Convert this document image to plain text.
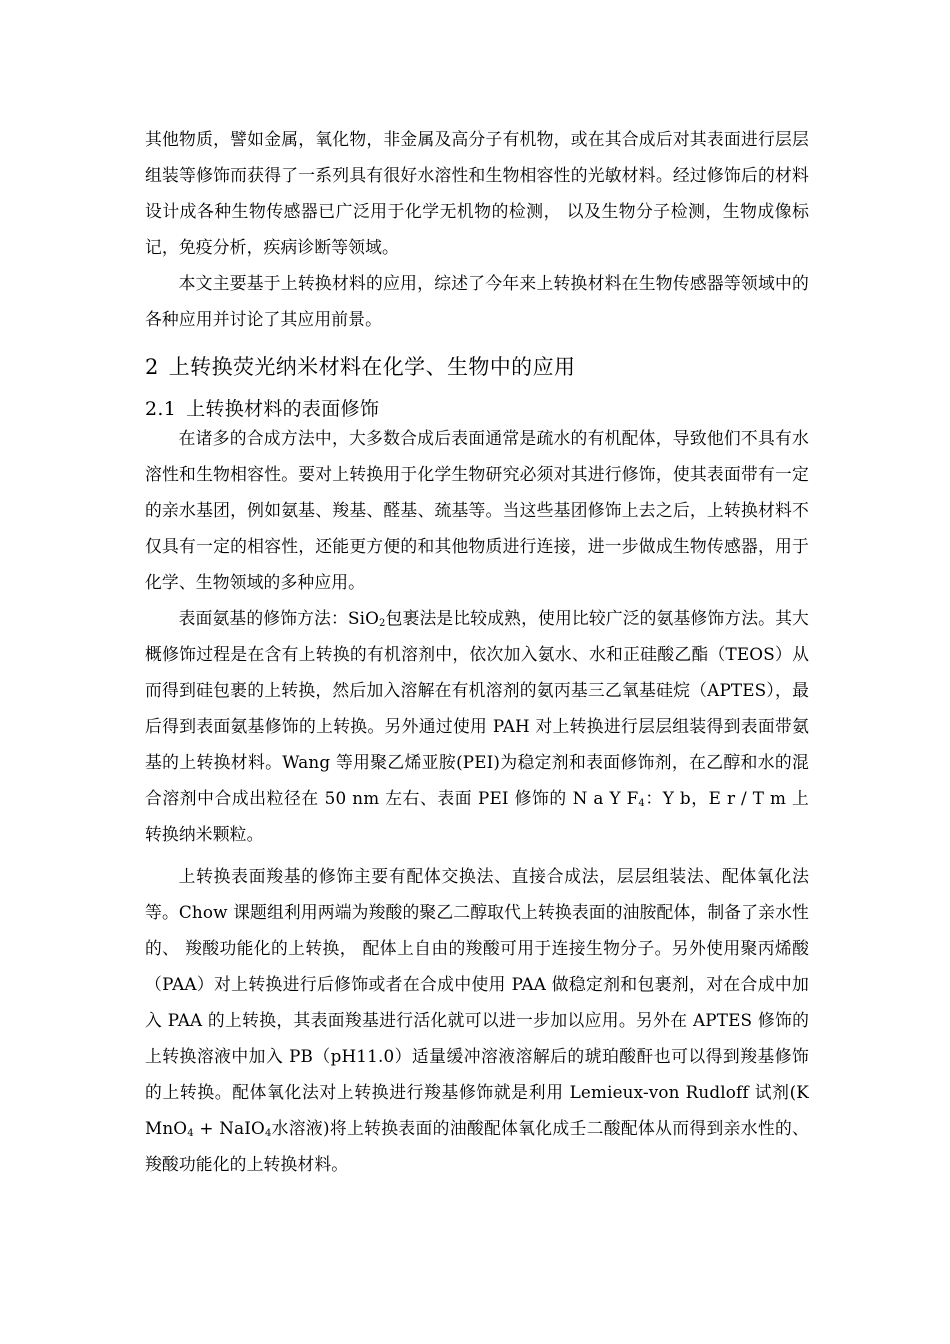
其他物质，譬如金属，氧化物，非金属及高分子有机物，或在其合成后对其表面进行层层组装等修饰而获得了一系列具有很好水溶性和生物相容性的光敏材料。经过修饰后的材料设计成各种生物传感器已广泛用于化学无机物的检测， 以及生物分子检测，生物成像标记，免疫分析，疾病诊断等领域。

本文主要基于上转换材料的应用，综述了今年来上转换材料在生物传感器等领域中的各种应用并讨论了其应用前景。

2 上转换荧光纳米材料在化学、生物中的应用
2.1 上转换材料的表面修饰

在诸多的合成方法中，大多数合成后表面通常是疏水的有机配体，导致他们不具有水溶性和生物相容性。要对上转换用于化学生物研究必须对其进行修饰，使其表面带有一定的亲水基团，例如氨基、羧基、醛基、巯基等。当这些基团修饰上去之后，上转换材料不仅具有一定的相容性，还能更方便的和其他物质进行连接，进一步做成生物传感器，用于化学、生物领域的多种应用。

表面氨基的修饰方法：SiO$_2$包裹法是比较成熟，使用比较广泛的氨基修饰方法。其大概修饰过程是在含有上转换的有机溶剂中，依次加入氨水、水和正硅酸乙酯（TEOS）从而得到硅包裹的上转换，然后加入溶解在有机溶剂的氨丙基三乙氧基硅烷（APTES），最后得到表面氨基修饰的上转换。另外通过使用 PAH 对上转换进行层层组装得到表面带氨基的上转换材料。Wang 等用聚乙烯亚胺(PEI)为稳定剂和表面修饰剂，在乙醇和水的混合溶剂中合成出粒径在 50 nm 左右、表面 PEI 修饰的 N a Y $F_4$：Y b，E r / T m 上转换纳米颗粒。

上转换表面羧基的修饰主要有配体交换法、直接合成法，层层组装法、配体氧化法等。Chow 课题组利用两端为羧酸的聚乙二醇取代上转换表面的油胺配体，制备了亲水性的、 羧酸功能化的上转换， 配体上自由的羧酸可用于连接生物分子。另外使用聚丙烯酸（PAA）对上转换进行后修饰或者在合成中使用 PAA 做稳定剂和包裹剂，对在合成中加入 PAA 的上转换，其表面羧基进行活化就可以进一步加以应用。另外在 APTES 修饰的上转换溶液中加入 PB（pH11.0）适量缓冲溶液溶解后的琥珀酸酐也可以得到羧基修饰的上转换。配体氧化法对上转换进行羧基修饰就是利用 Lemieux-von Rudloff 试剂(KMnO$_4$ + NaIO$_4$水溶液)将上转换表面的油酸配体氧化成壬二酸配体从而得到亲水性的、羧酸功能化的上转换材料。
